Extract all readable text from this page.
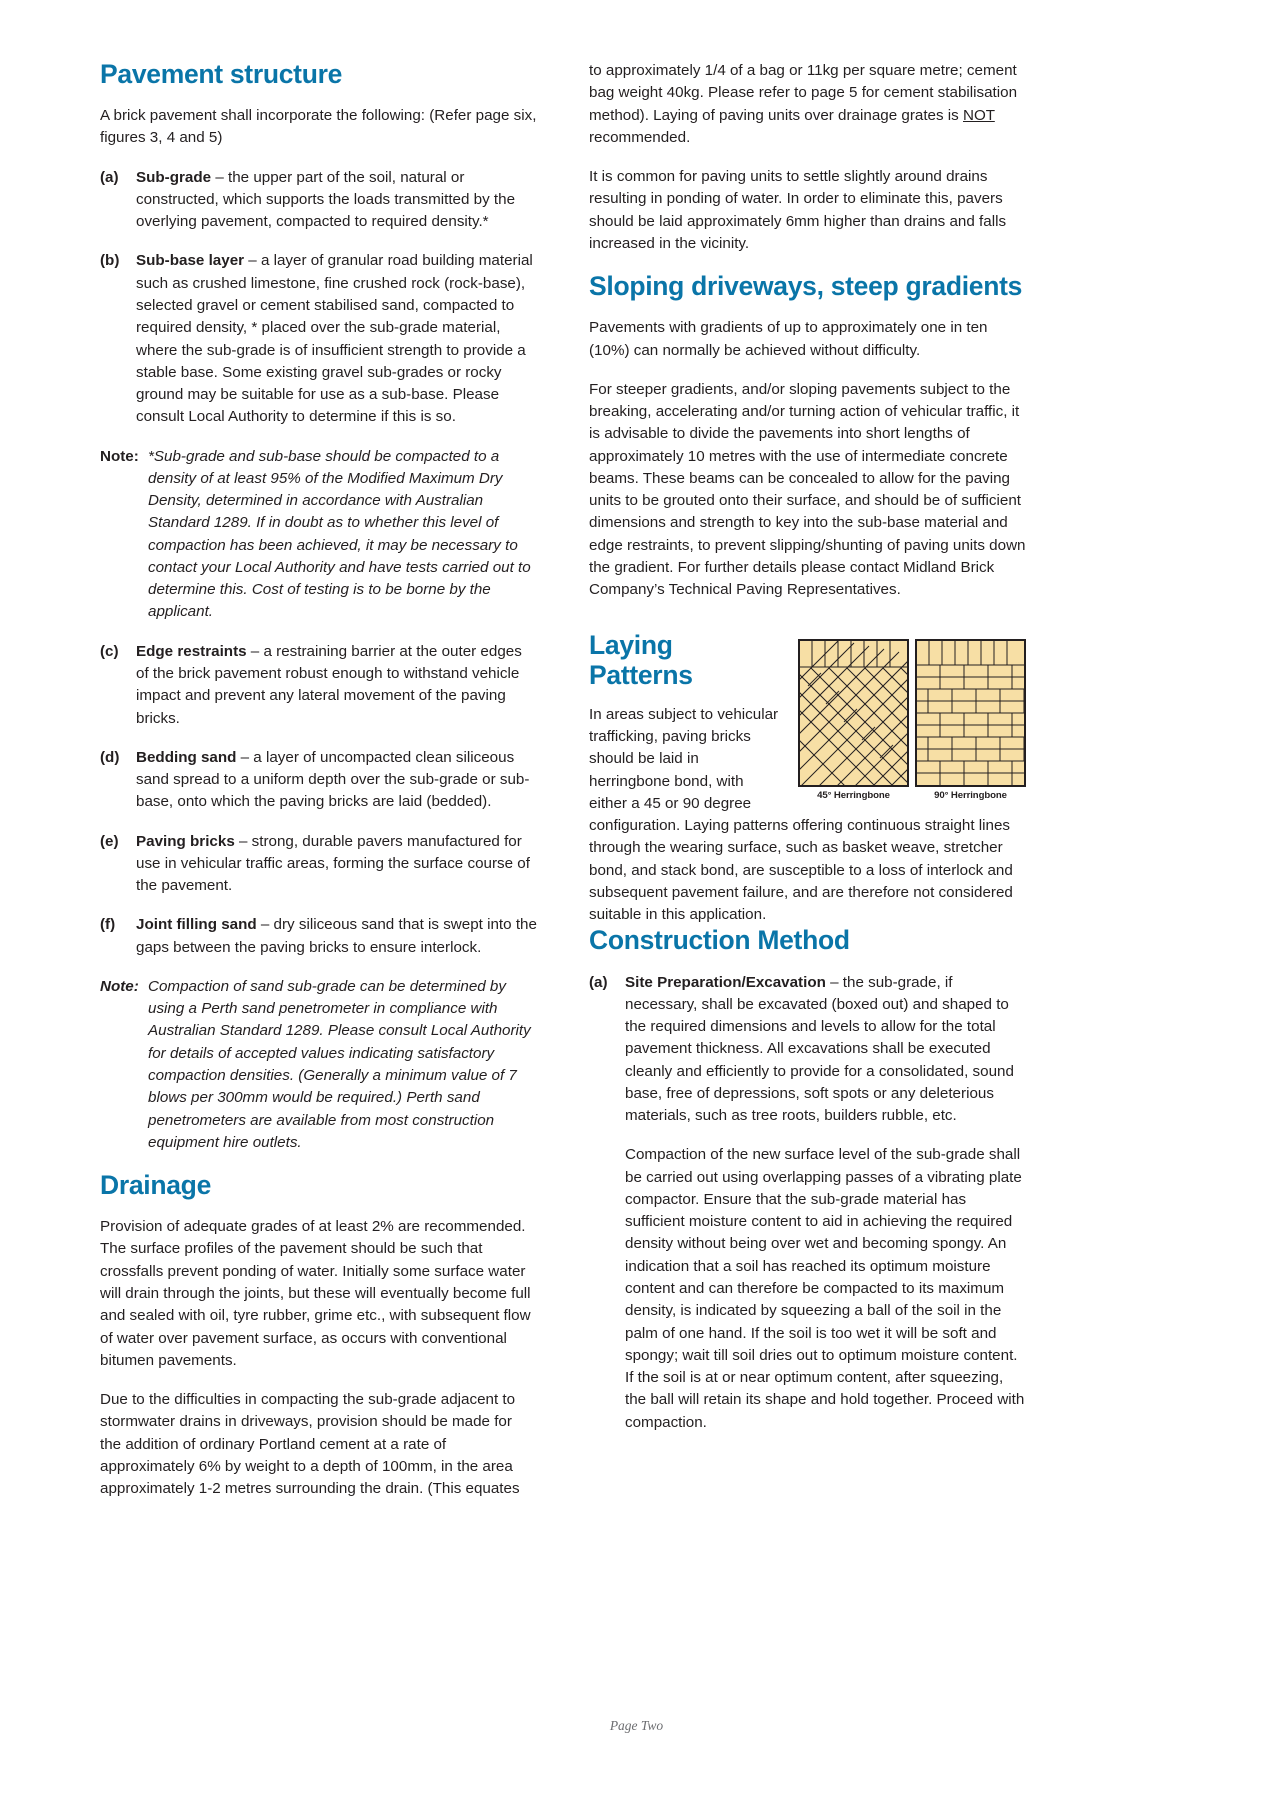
Pavement structure

A brick pavement shall incorporate the following: (Refer page six, figures 3, 4 and 5)

(a)	Sub-grade – the upper part of the soil, natural or constructed, which supports the loads transmitted by the overlying pavement, compacted to required density.*
(b)	Sub-base layer – a layer of granular road building material such as crushed limestone, fine crushed rock (rock-base), selected gravel or cement stabilised sand, compacted to required density, * placed over the sub-grade material, where the sub-grade is of insufficient strength to provide a stable base. Some existing gravel sub-grades or rocky ground may be suitable for use as a sub-base. Please consult Local Authority to determine if this is so.
Note: *Sub-grade and sub-base should be compacted to a density of at least 95% of the Modified Maximum Dry Density, determined in accordance with Australian Standard 1289. If in doubt as to whether this level of compaction has been achieved, it may be necessary to contact your Local Authority and have tests carried out to determine this. Cost of testing is to be borne by the applicant.
(c)	Edge restraints – a restraining barrier at the outer edges of the brick pavement robust enough to withstand vehicle impact and prevent any lateral movement of the paving bricks.
(d)	Bedding sand – a layer of uncompacted clean siliceous sand spread to a uniform depth over the sub-grade or sub-base, onto which the paving bricks are laid (bedded).
(e)	Paving bricks – strong, durable pavers manufactured for use in vehicular traffic areas, forming the surface course of the pavement.
(f)	Joint filling sand – dry siliceous sand that is swept into the gaps between the paving bricks to ensure interlock.
Note: Compaction of sand sub-grade can be determined by using a Perth sand penetrometer in compliance with Australian Standard 1289. Please consult Local Authority for details of accepted values indicating satisfactory compaction densities. (Generally a minimum value of 7 blows per 300mm would be required.) Perth sand penetrometers are available from most construction equipment hire outlets.
Drainage

Provision of adequate grades of at least 2% are recommended. The surface profiles of the pavement should be such that crossfalls prevent ponding of water. Initially some surface water will drain through the joints, but these will eventually become full and sealed with oil, tyre rubber, grime etc., with subsequent flow of water over pavement surface, as occurs with conventional bitumen pavements.

Due to the difficulties in compacting the sub-grade adjacent to stormwater drains in driveways, provision should be made for the addition of ordinary Portland cement at a rate of approximately 6% by weight to a depth of 100mm, in the area approximately 1-2 metres surrounding the drain. (This equates

to approximately 1/4 of a bag or 11kg per square metre; cement bag weight 40kg. Please refer to page 5 for cement stabilisation method). Laying of paving units over drainage grates is NOT recommended.

It is common for paving units to settle slightly around drains resulting in ponding of water. In order to eliminate this, pavers should be laid approximately 6mm higher than drains and falls increased in the vicinity.

Sloping driveways, steep gradients

Pavements with gradients of up to approximately one in ten (10%) can normally be achieved without difficulty.

For steeper gradients, and/or sloping pavements subject to the breaking, accelerating and/or turning action of vehicular traffic, it is advisable to divide the pavements into short lengths of approximately 10 metres with the use of intermediate concrete beams. These beams can be concealed to allow for the paving units to be grouted onto their surface, and should be of sufficient dimensions and strength to key into the sub-base material and edge restraints, to prevent slipping/shunting of paving units down the gradient. For further details please contact Midland Brick Company’s Technical Paving Representatives.

45° Herringbone	90° Herringbone
Laying Patterns

In areas subject to vehicular trafficking, paving bricks should be laid in herringbone bond, with either a 45 or 90 degree configuration. Laying patterns offering continuous straight lines through the wearing surface, such as basket weave, stretcher bond, and stack bond, are susceptible to a loss of interlock and subsequent pavement failure, and are therefore not considered suitable in this application.

Construction Method
(a)	Site Preparation/Excavation – the sub-grade, if necessary, shall be excavated (boxed out) and shaped to the required dimensions and levels to allow for the total pavement thickness. All excavations shall be executed cleanly and efficiently to provide for a consolidated, sound base, free of depressions, soft spots or any deleterious materials, such as tree roots, builders rubble, etc.
Compaction of the new surface level of the sub-grade shall be carried out using overlapping passes of a vibrating plate compactor. Ensure that the sub-grade material has sufficient moisture content to aid in achieving the required density without being over wet and becoming spongy. An indication that a soil has reached its optimum moisture content and can therefore be compacted to its maximum density, is indicated by squeezing a ball of the soil in the palm of one hand. If the soil is too wet it will be soft and spongy; wait till soil dries out to optimum moisture content. If the soil is at or near optimum content, after squeezing, the ball will retain its shape and hold together. Proceed with compaction.
Page Two
